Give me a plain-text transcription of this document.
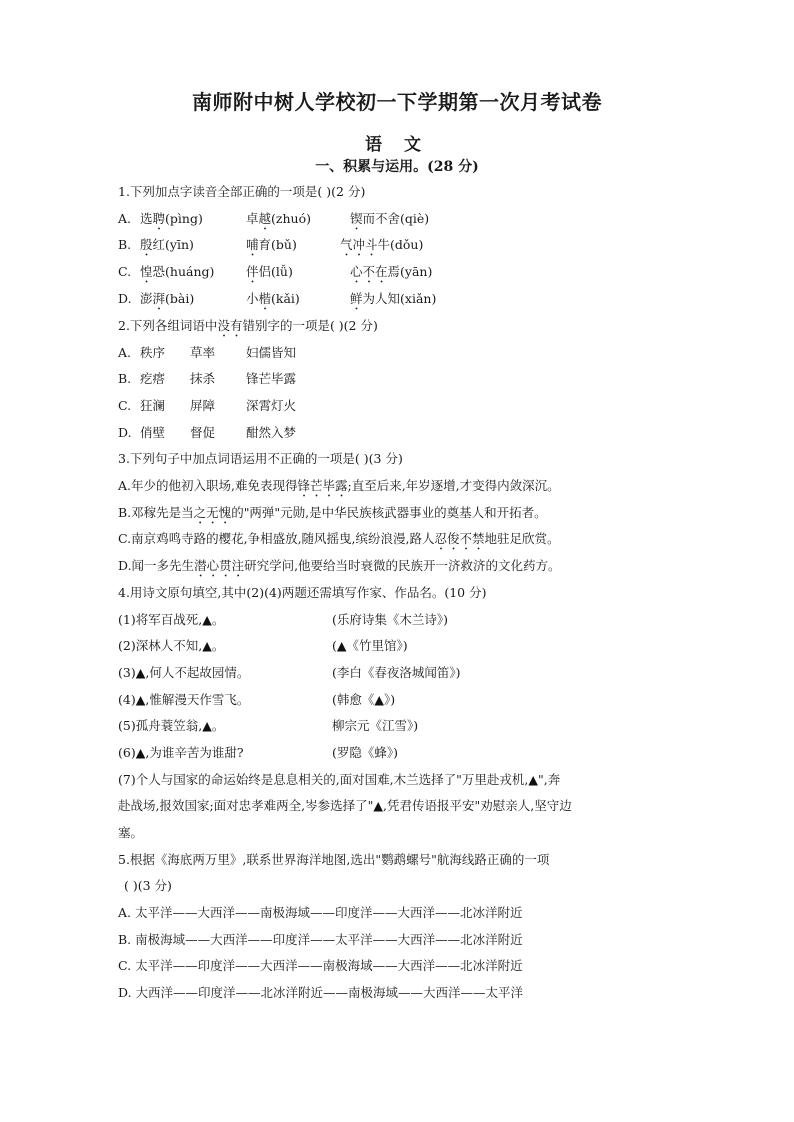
南师附中树人学校初一下学期第一次月考试卷
语 文
一、积累与运用。(28 分)
1.下列加点字读音全部正确的一项是( )(2 分)
A. 选聘(pìng)	卓越(zhuó)	锲而不舍(qiè)
B. 殷红(yīn)	哺育(bǔ)	气冲斗牛(dǒu)
C. 惶恐(huáng)	伴侣(lǚ)	心不在焉(yān)
D. 澎湃(bài)	小楷(kǎi)	鲜为人知(xiǎn)
2.下列各组词语中没有错别字的一项是( )(2 分)
A. 秩序 草率 妇儒皆知
B. 疙瘩 抹杀 锋芒毕露
C. 狂澜 屏障 深霄灯火
D. 俏壁 督促 酣然入梦
3.下列句子中加点词语运用不正确的一项是( )(3 分)
A.年少的他初入职场,难免表现得锋芒毕露;直至后来,年岁逐增,才变得内敛深沉。
B.邓稼先是当之无愧的"两弹"元勋,是中华民族核武器事业的奠基人和开拓者。
C.南京鸡鸣寺路的樱花,争相盛放,随风摇曳,缤纷浪漫,路人忍俊不禁地驻足欣赏。
D.闻一多先生潜心贯注研究学问,他要给当时衰微的民族开一济救济的文化药方。
4.用诗文原句填空,其中(2)(4)两题还需填写作家、作品名。(10 分)
(1)将军百战死,▲。	(乐府诗集《木兰诗》)
(2)深林人不知,▲。	(▲《竹里馆》)
(3)▲,何人不起故园情。	(李白《春夜洛城闻笛》)
(4)▲,惟解漫天作雪飞。	(韩愈《▲》)
(5)孤舟蓑笠翁,▲。	柳宗元《江雪》)
(6)▲,为谁辛苦为谁甜?	(罗隐《蜂》)
(7)个人与国家的命运始终是息息相关的,面对国难,木兰选择了"万里赴戎机,▲",奔
赴战场,报效国家;面对忠孝难两全,岑参选择了"▲,凭君传语报平安"劝慰亲人,坚守边
塞。
5.根据《海底两万里》,联系世界海洋地图,选出"鹦鹉螺号"航海线路正确的一项
( )(3 分)
A. 太平洋——大西洋——南极海域——印度洋——大西洋——北冰洋附近
B. 南极海域——大西洋——印度洋——太平洋——大西洋——北冰洋附近
C. 太平洋——印度洋——大西洋——南极海域——大西洋——北冰洋附近
D. 大西洋——印度洋——北冰洋附近——南极海域——大西洋——太平洋
